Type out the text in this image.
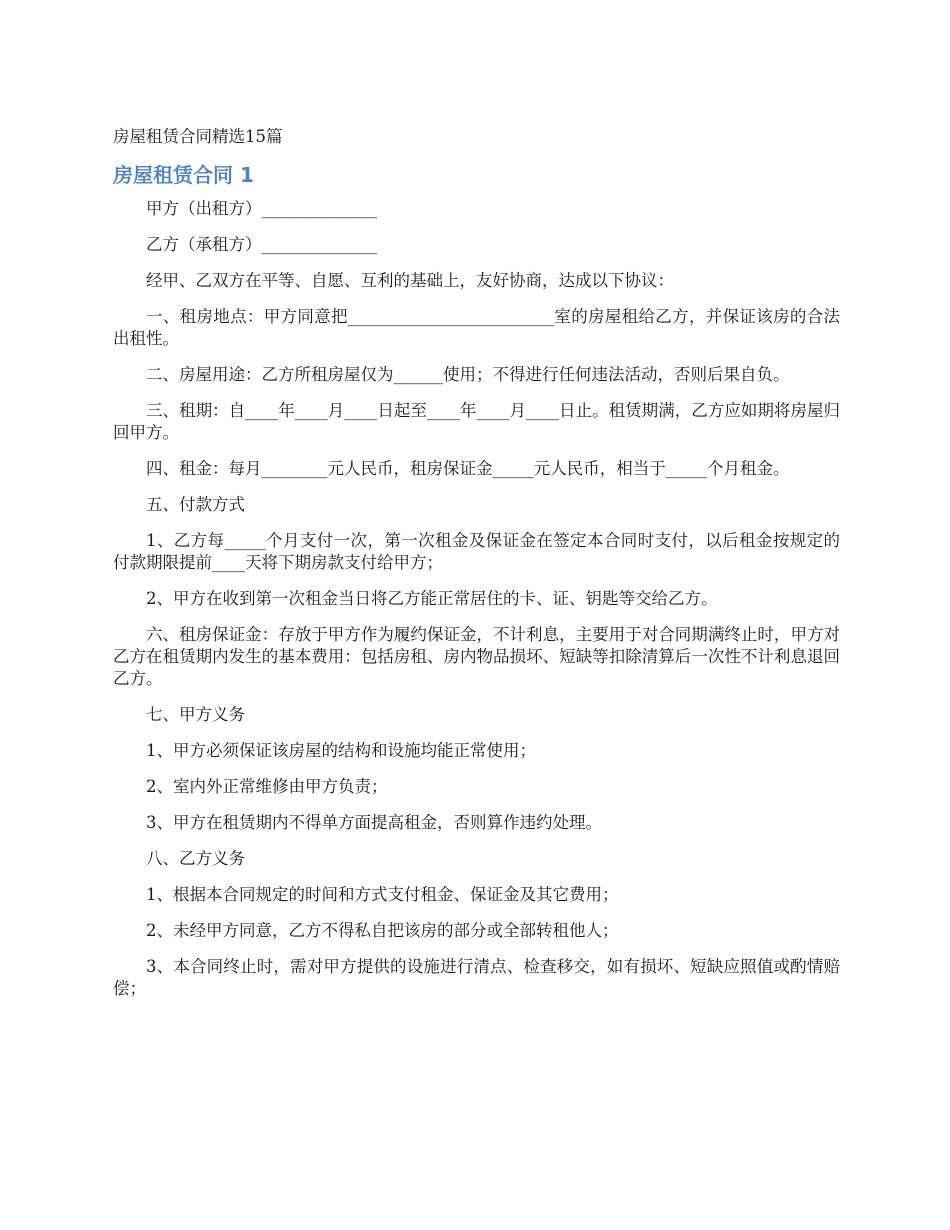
房屋租赁合同精选15篇
房屋租赁合同 1

甲方（出租方）______________

乙方（承租方）______________

经甲、乙双方在平等、自愿、互利的基础上，友好协商，达成以下协议：

一、租房地点：甲方同意把_________________________室的房屋租给乙方，并保证该房的合法出租性。

二、房屋用途：乙方所租房屋仅为______使用；不得进行任何违法活动，否则后果自负。

三、租期：自____年____月____日起至____年____月____日止。租赁期满，乙方应如期将房屋归回甲方。

四、租金：每月________元人民币，租房保证金_____元人民币，相当于_____个月租金。

五、付款方式

1、乙方每_____个月支付一次，第一次租金及保证金在签定本合同时支付，以后租金按规定的付款期限提前____天将下期房款支付给甲方；

2、甲方在收到第一次租金当日将乙方能正常居住的卡、证、钥匙等交给乙方。

六、租房保证金：存放于甲方作为履约保证金，不计利息，主要用于对合同期满终止时，甲方对乙方在租赁期内发生的基本费用：包括房租、房内物品损坏、短缺等扣除清算后一次性不计利息退回乙方。

七、甲方义务

1、甲方必须保证该房屋的结构和设施均能正常使用；

2、室内外正常维修由甲方负责；

3、甲方在租赁期内不得单方面提高租金，否则算作违约处理。

八、乙方义务

1、根据本合同规定的时间和方式支付租金、保证金及其它费用；

2、未经甲方同意，乙方不得私自把该房的部分或全部转租他人；

3、本合同终止时，需对甲方提供的设施进行清点、检查移交，如有损坏、短缺应照值或酌情赔偿；
